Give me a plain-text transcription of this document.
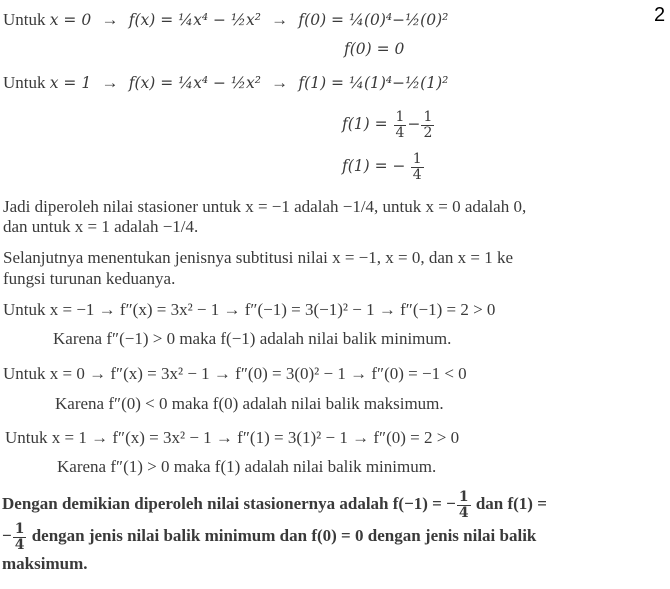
2
Untuk x = 0 → f(x) = ¼x⁴ − ½x² → f(0) = ¼(0)⁴−½(0)²
f(0) = 0
Untuk x = 1 → f(x) = ¼x⁴ − ½x² → f(1) = ¼(1)⁴−½(1)²
$f(1) = \frac{1}{4} - \frac{1}{2}$
f(1) = − $\frac{1}{4}$
Jadi diperoleh nilai stasioner untuk x = −1 adalah −1/4, untuk x = 0 adalah 0,
dan untuk x = 1 adalah −1/4.
Selanjutnya menentukan jenisnya subtitusi nilai x = −1, x = 0, dan x = 1 ke
fungsi turunan keduanya.
Untuk x = −1 → f″(x) = 3x² − 1 → f″(−1) = 3(−1)² − 1 → f″(−1) = 2 > 0
Karena f″(−1) > 0 maka f(−1) adalah nilai balik minimum.
Untuk x = 0 → f″(x) = 3x² − 1 → f″(0) = 3(0)² − 1 → f″(0) = −1 < 0
Karena f″(0) < 0 maka f(0) adalah nilai balik maksimum.
Untuk x = 1 → f″(x) = 3x² − 1 → f″(1) = 3(1)² − 1 → f″(0) = 2 > 0
Karena f″(1) > 0 maka f(1) adalah nilai balik minimum.
Dengan demikian diperoleh nilai stasionernya adalah f(−1) = − $\frac{1}{4}$ dan f(1) =
− $\frac{1}{4}$ dengan jenis nilai balik minimum dan f(0) = 0 dengan jenis nilai balik
maksimum.
